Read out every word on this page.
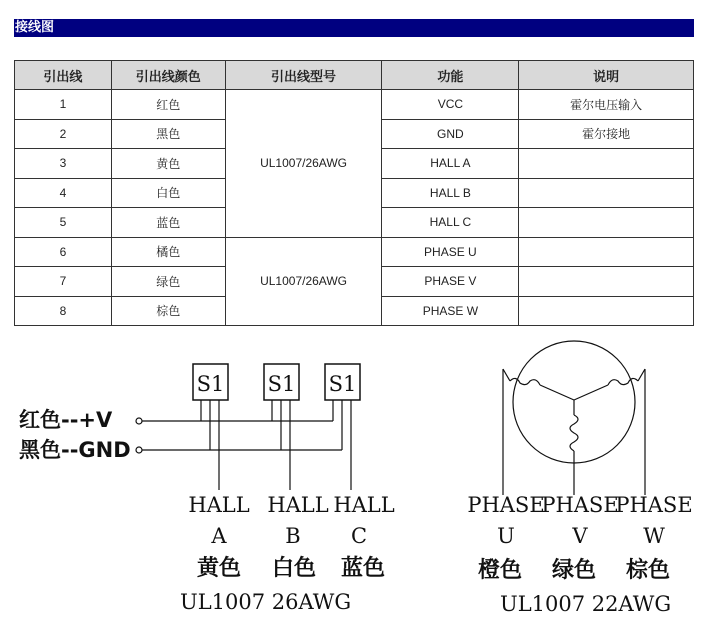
接线图
引出线	引出线颜色	引出线型号	功能	说明
1	红色	UL1007/26AWG	VCC	霍尔电压输入
2	黑色		GND	霍尔接地
3	黄色		HALL A	
4	白色		HALL B	
5	蓝色		HALL C	
6	橘色	UL1007/26AWG	PHASE U	
7	绿色		PHASE V	
8	棕色		PHASE W	
S1 S1 S1
红色--+V
黑色--GND
HALL
A
黄色
HALL
B
白色
HALL
C
蓝色
UL1007 26AWG
PHASE
U
橙色
PHASE
V
绿色
PHASE
W
棕色
UL1007 22AWG
